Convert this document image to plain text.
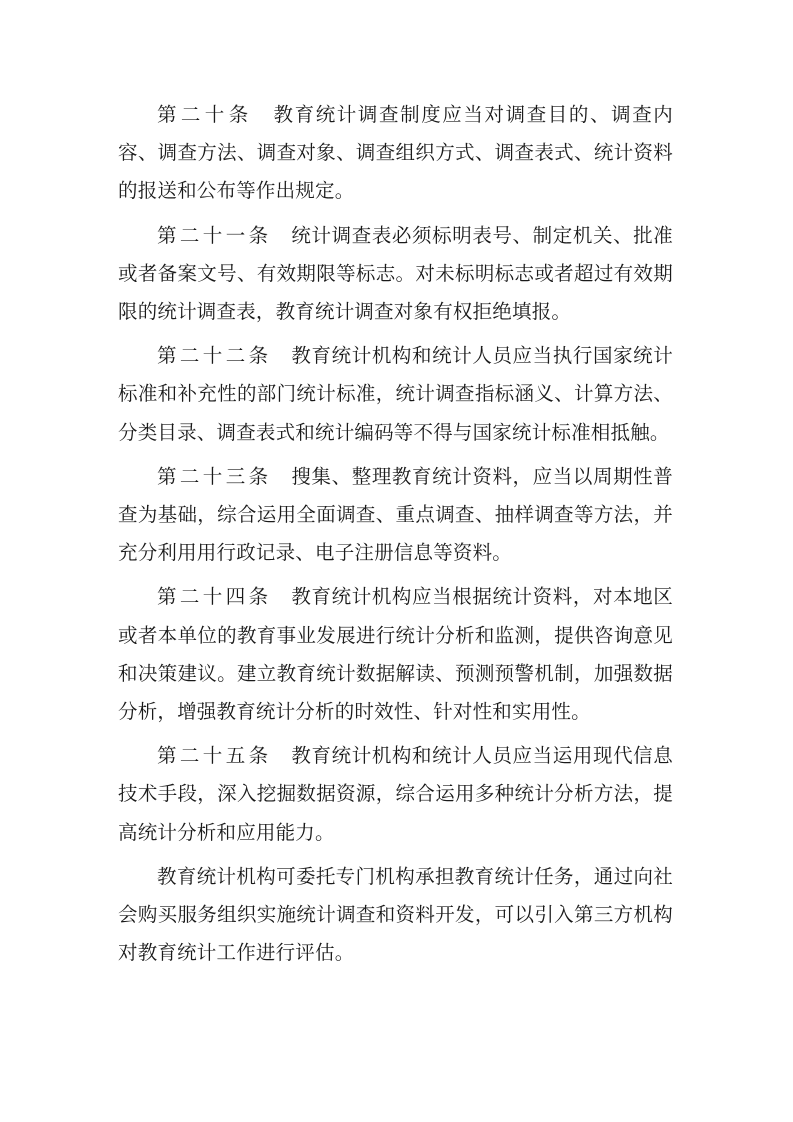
第二十条 教育统计调查制度应当对调查目的、调查内容、调查方法、调查对象、调查组织方式、调查表式、统计资料的报送和公布等作出规定。

第二十一条 统计调查表必须标明表号、制定机关、批准或者备案文号、有效期限等标志。对未标明标志或者超过有效期限的统计调查表，教育统计调查对象有权拒绝填报。

第二十二条 教育统计机构和统计人员应当执行国家统计标准和补充性的部门统计标准，统计调查指标涵义、计算方法、分类目录、调查表式和统计编码等不得与国家统计标准相抵触。

第二十三条 搜集、整理教育统计资料，应当以周期性普查为基础，综合运用全面调查、重点调查、抽样调查等方法，并充分利用用行政记录、电子注册信息等资料。

第二十四条 教育统计机构应当根据统计资料，对本地区或者本单位的教育事业发展进行统计分析和监测，提供咨询意见和决策建议。建立教育统计数据解读、预测预警机制，加强数据分析，增强教育统计分析的时效性、针对性和实用性。

第二十五条 教育统计机构和统计人员应当运用现代信息技术手段，深入挖掘数据资源，综合运用多种统计分析方法，提高统计分析和应用能力。

教育统计机构可委托专门机构承担教育统计任务，通过向社会购买服务组织实施统计调查和资料开发，可以引入第三方机构对教育统计工作进行评估。
